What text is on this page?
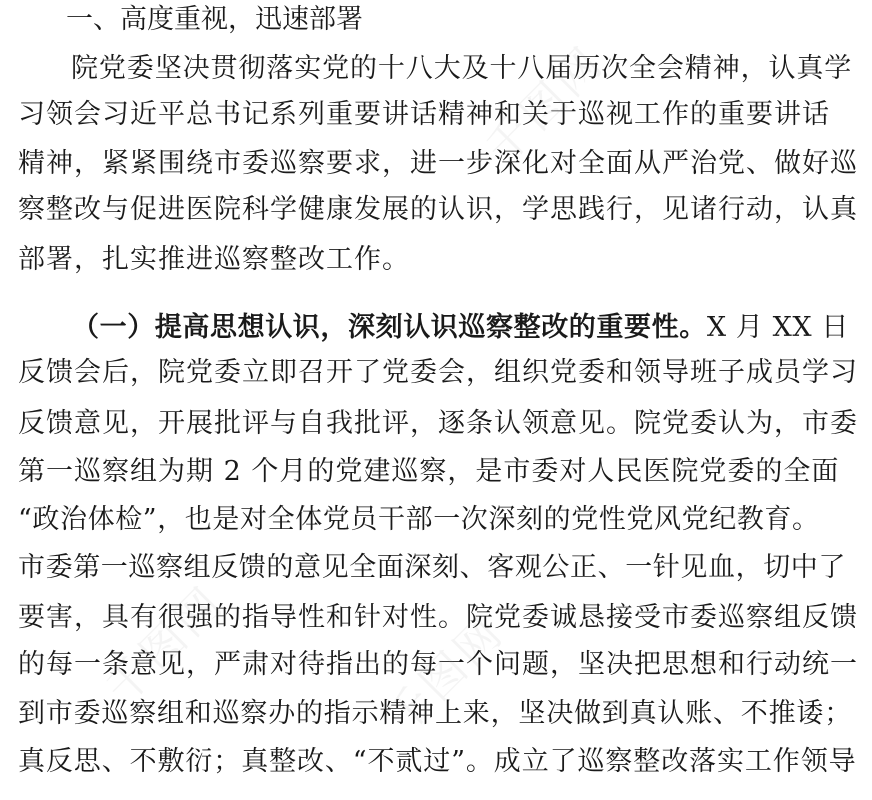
一、高度重视，迅速部署
院党委坚决贯彻落实党的十八大及十八届历次全会精神，认真学
习领会习近平总书记系列重要讲话精神和关于巡视工作的重要讲话
精神，紧紧围绕市委巡察要求，进一步深化对全面从严治党、做好巡
察整改与促进医院科学健康发展的认识，学思践行，见诸行动，认真
部署，扎实推进巡察整改工作。
（一）提高思想认识，深刻认识巡察整改的重要性。X 月 XX 日
反馈会后，院党委立即召开了党委会，组织党委和领导班子成员学习
反馈意见，开展批评与自我批评，逐条认领意见。院党委认为，市委
第一巡察组为期 2 个月的党建巡察，是市委对人民医院党委的全面
“政治体检”，也是对全体党员干部一次深刻的党性党风党纪教育。
市委第一巡察组反馈的意见全面深刻、客观公正、一针见血，切中了
要害，具有很强的指导性和针对性。院党委诚恳接受市委巡察组反馈
的每一条意见，严肃对待指出的每一个问题，坚决把思想和行动统一
到市委巡察组和巡察办的指示精神上来，坚决做到真认账、不推诿；
真反思、不敷衍；真整改、“不贰过”。成立了巡察整改落实工作领导
千图网	千图网
千图网
